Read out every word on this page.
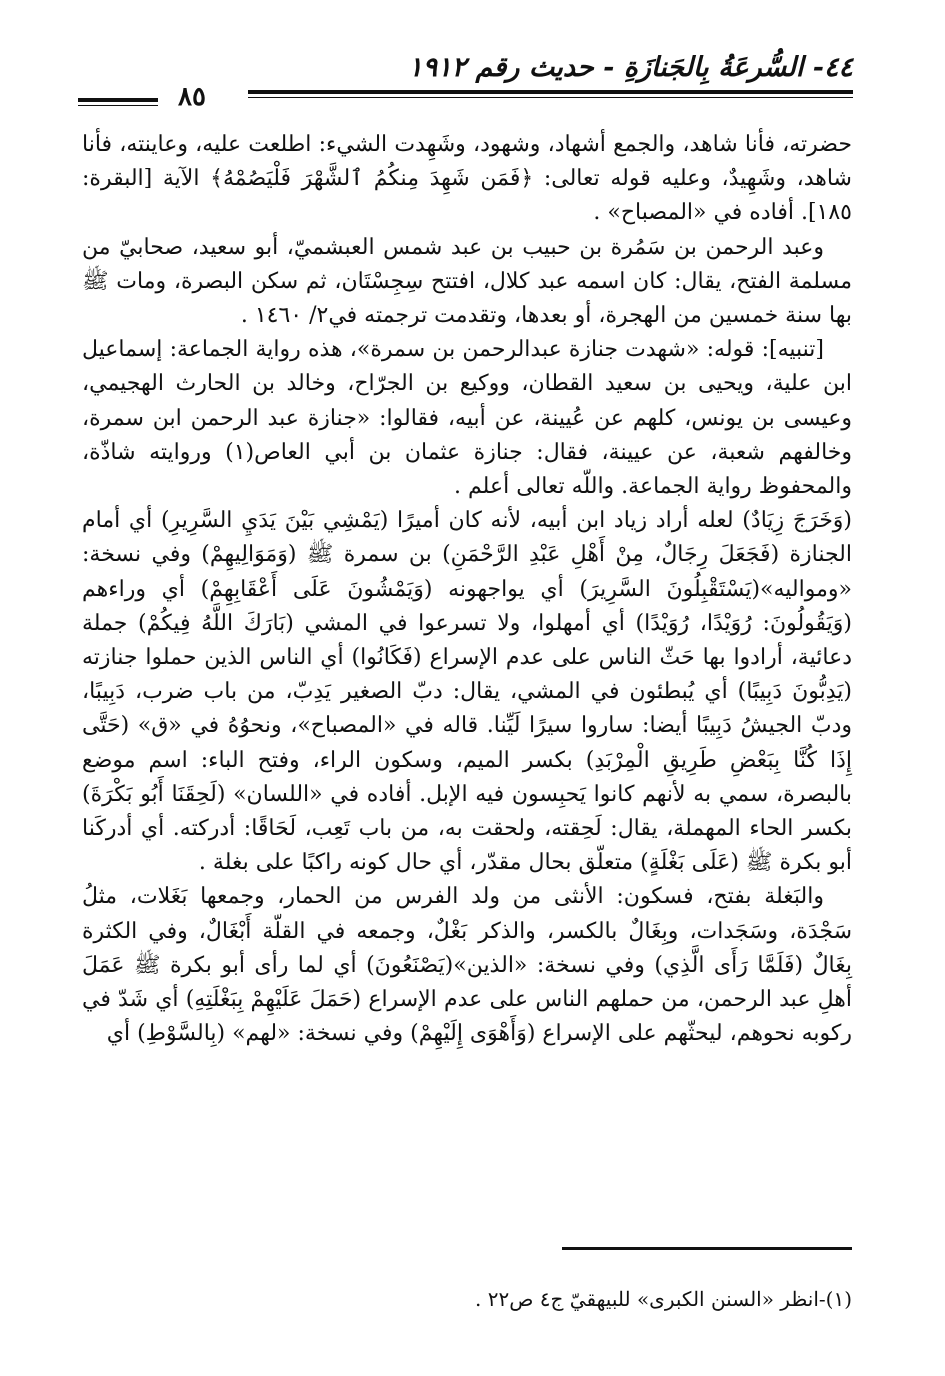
٤٤- السُّرعَةُ بِالجَنازَةِ - حديث رقم ١٩١٢
٨٥

حضرته، فأنا شاهد، والجمع أشهاد، وشهود، وشَهِدت الشيء: اطلعت عليه، وعاينته، فأنا شاهد، وشَهِيدٌ، وعليه قوله تعالى: ﴿فَمَن شَهِدَ مِنكُمُ ٱلشَّهْرَ فَلْيَصُمْهُ﴾ الآية [البقرة: ١٨٥]. أفاده في «المصباح» .

وعبد الرحمن بن سَمُرة بن حبيب بن عبد شمس العبشميّ، أبو سعيد، صحابيّ من مسلمة الفتح، يقال: كان اسمه عبد كلال، افتتح سِجِسْتَان، ثم سكن البصرة، ومات ﷺ بها سنة خمسين من الهجرة، أو بعدها، وتقدمت ترجمته في٢/ ١٤٦٠ .

[تنبيه]: قوله: «شهدت جنازة عبدالرحمن بن سمرة»، هذه رواية الجماعة: إسماعيل ابن علية، ويحيى بن سعيد القطان، ووكيع بن الجرّاح، وخالد بن الحارث الهجيمي، وعيسى بن يونس، كلهم عن عُيينة، عن أبيه، فقالوا: «جنازة عبد الرحمن ابن سمرة، وخالفهم شعبة، عن عيينة، فقال: جنازة عثمان بن أبي العاص(١) وروايته شاذّة، والمحفوظ رواية الجماعة. واللّه تعالى أعلم .

(وَخَرَجَ زِيَادٌ) لعله أراد زياد ابن أبيه، لأنه كان أميرًا (يَمْشِي بَيْنَ يَدَيِ السَّرِيرِ) أي أمام الجنازة (فَجَعَلَ رِجَالٌ، مِنْ أَهْلِ عَبْدِ الرَّحْمَنِ) بن سمرة ﷺ (وَمَوَالِيهِمْ) وفي نسخة: «ومواليه»(يَسْتَقْبِلُونَ السَّرِيرَ) أي يواجهونه (وَيَمْشُونَ عَلَى أَعْقَابِهِمْ) أي وراءهم (وَيَقُولُونَ: رُوَيْدًا، رُوَيْدًا) أي أمهلوا، ولا تسرعوا في المشي (بَارَكَ اللَّهُ فِيكُمْ) جملة دعائية، أرادوا بها حَثّ الناس على عدم الإسراع (فَكَانُوا) أي الناس الذين حملوا جنازته (يَدِبُّونَ دَبِيبًا) أي يُبطئون في المشي، يقال: دبّ الصغير يَدِبّ، من باب ضرب، دَبِيبًا، ودبّ الجيشُ دَبِيبًا أيضا: ساروا سيرًا لَيِّنا. قاله في «المصباح»، ونحوُهُ في «ق» (حَتَّى إِذَا كُنَّا بِبَعْضِ طَرِيقِ الْمِرْبَدِ) بكسر الميم، وسكون الراء، وفتح الباء: اسم موضع بالبصرة، سمي به لأنهم كانوا يَحبِسون فيه الإبل. أفاده في «اللسان» (لَحِقَنَا أَبُو بَكْرَةَ) بكسر الحاء المهملة، يقال: لَحِقته، ولحقت به، من باب تَعِب، لَحَاقًا: أدركته. أي أدركَنا أبو بكرة ﷺ (عَلَى بَغْلَةٍ) متعلّق بحال مقدّر، أي حال كونه راكبًا على بغلة .

والبَغلة بفتح، فسكون: الأنثى من ولد الفرس من الحمار، وجمعها بَغَلات، مثلُ سَجْدَة، وسَجَدات، وبِغَالٌ بالكسر، والذكر بَغْلٌ، وجمعه في القلّة أَبْغَالٌ، وفي الكثرة بِغَالٌ (فَلَمَّا رَأَى الَّذِي) وفي نسخة: «الذين»(يَصْنَعُونَ) أي لما رأى أبو بكرة ﷺ عَمَلَ أهلِ عبد الرحمن، من حملهم الناس على عدم الإسراع (حَمَلَ عَلَيْهِمْ بِبَغْلَتِهِ) أي شَدّ في ركوبه نحوهم، ليحثّهم على الإسراع (وَأَهْوَى إِلَيْهِمْ) وفي نسخة: «لهم» (بِالسَّوْطِ) أي

(١)-انظر «السنن الكبرى» للبيهقيّ ج٤ ص٢٢ .
